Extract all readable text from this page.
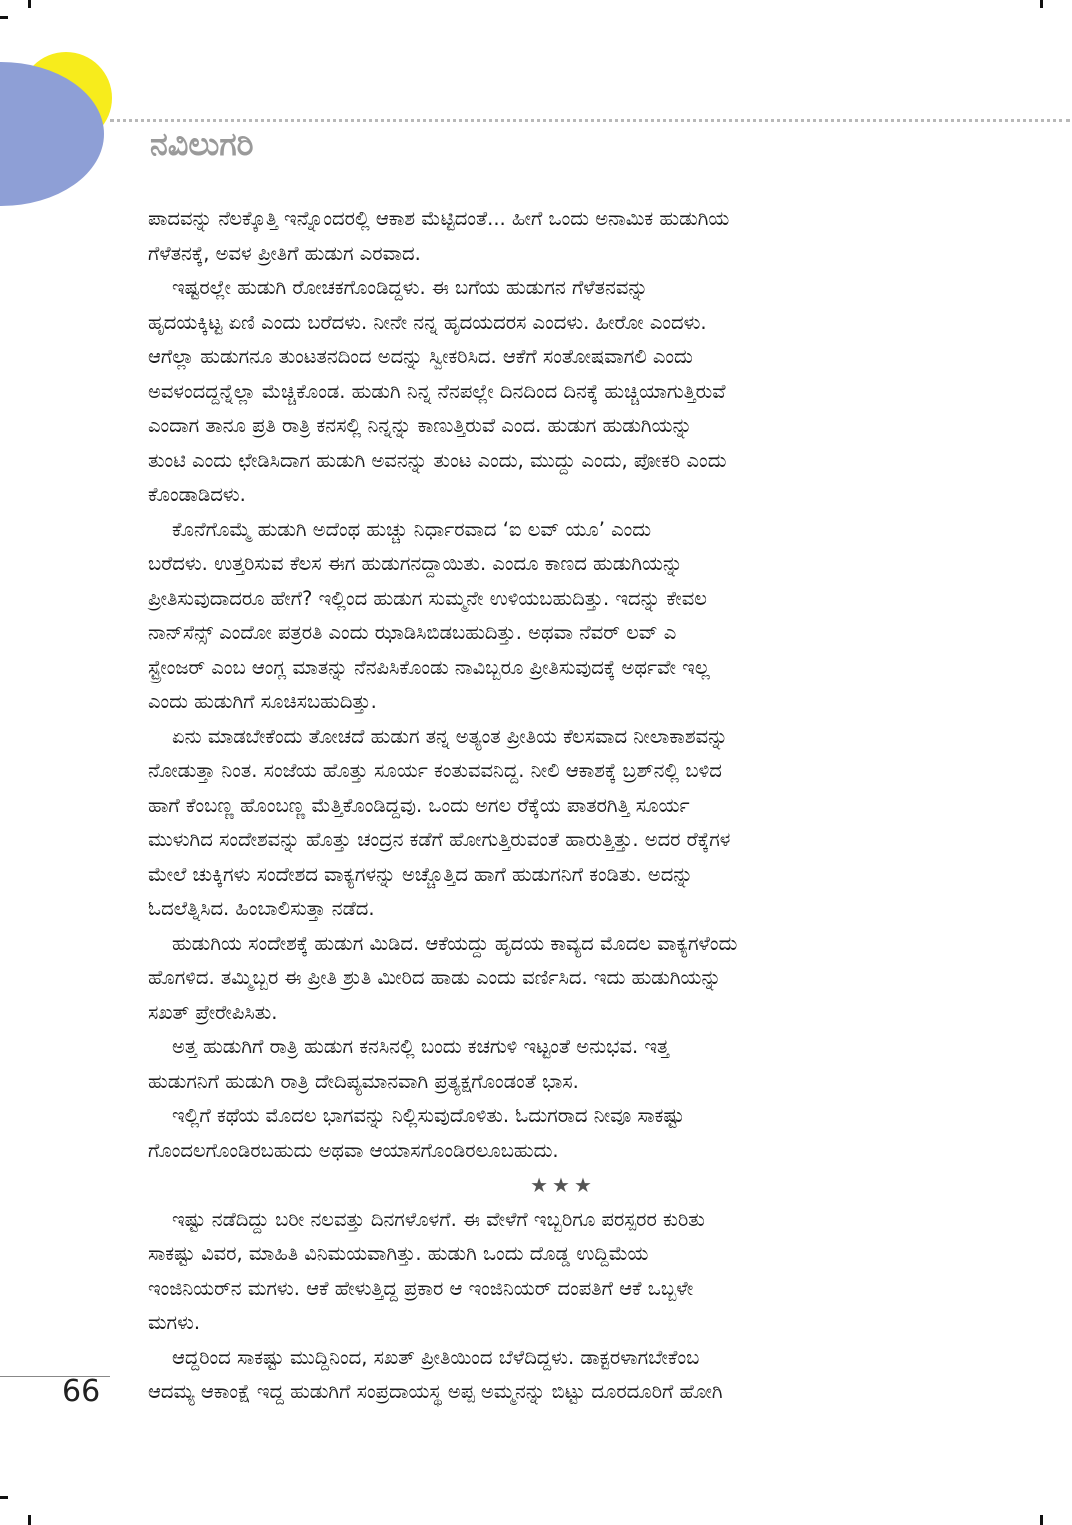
ನವಿಲುಗರಿ

ಪಾದವನ್ನು ನೆಲಕ್ಕೊತ್ತಿ ಇನ್ನೊಂದರಲ್ಲಿ ಆಕಾಶ ಮೆಟ್ಟಿದಂತೆ... ಹೀಗೆ ಒಂದು ಅನಾಮಿಕ ಹುಡುಗಿಯ
ಗೆಳೆತನಕ್ಕೆ, ಅವಳ ಪ್ರೀತಿಗೆ ಹುಡುಗ ಎರವಾದ.

ಇಷ್ಟರಲ್ಲೇ ಹುಡುಗಿ ರೋಚಕಗೊಂಡಿದ್ದಳು. ಈ ಬಗೆಯ ಹುಡುಗನ ಗೆಳೆತನವನ್ನು
ಹೃದಯಕ್ಕಿಟ್ಟ ಏಣಿ ಎಂದು ಬರೆದಳು. ನೀನೇ ನನ್ನ ಹೃದಯದರಸ ಎಂದಳು. ಹೀರೋ ಎಂದಳು.
ಆಗೆಲ್ಲಾ ಹುಡುಗನೂ ತುಂಟತನದಿಂದ ಅದನ್ನು ಸ್ವೀಕರಿಸಿದ. ಆಕೆಗೆ ಸಂತೋಷವಾಗಲಿ ಎಂದು
ಅವಳಂದದ್ದನ್ನೆಲ್ಲಾ ಮೆಚ್ಚಿಕೊಂಡ. ಹುಡುಗಿ ನಿನ್ನ ನೆನಪಲ್ಲೇ ದಿನದಿಂದ ದಿನಕ್ಕೆ ಹುಚ್ಚಿಯಾಗುತ್ತಿರುವೆ
ಎಂದಾಗ ತಾನೂ ಪ್ರತಿ ರಾತ್ರಿ ಕನಸಲ್ಲಿ ನಿನ್ನನ್ನು ಕಾಣುತ್ತಿರುವೆ ಎಂದ. ಹುಡುಗ ಹುಡುಗಿಯನ್ನು
ತುಂಟಿ ಎಂದು ಛೇಡಿಸಿದಾಗ ಹುಡುಗಿ ಅವನನ್ನು ತುಂಟ ಎಂದು, ಮುದ್ದು ಎಂದು, ಪೋಕರಿ ಎಂದು
ಕೊಂಡಾಡಿದಳು.

ಕೊನೆಗೊಮ್ಮೆ ಹುಡುಗಿ ಅದೆಂಥ ಹುಚ್ಚು ನಿರ್ಧಾರವಾದ ‘ಐ ಲವ್ ಯೂ’ ಎಂದು
ಬರೆದಳು. ಉತ್ತರಿಸುವ ಕೆಲಸ ಈಗ ಹುಡುಗನದ್ದಾಯಿತು. ಎಂದೂ ಕಾಣದ ಹುಡುಗಿಯನ್ನು
ಪ್ರೀತಿಸುವುದಾದರೂ ಹೇಗೆ? ಇಲ್ಲಿಂದ ಹುಡುಗ ಸುಮ್ಮನೇ ಉಳಿಯಬಹುದಿತ್ತು. ಇದನ್ನು ಕೇವಲ
ನಾನ್‌ಸೆನ್ಸ್ ಎಂದೋ ಪತ್ರರತಿ ಎಂದು ಝಾಡಿಸಿಬಿಡಬಹುದಿತ್ತು. ಅಥವಾ ನೆವರ್ ಲವ್ ಎ
ಸ್ಟ್ರೇಂಜರ್ ಎಂಬ ಆಂಗ್ಲ ಮಾತನ್ನು ನೆನಪಿಸಿಕೊಂಡು ನಾವಿಬ್ಬರೂ ಪ್ರೀತಿಸುವುದಕ್ಕೆ ಅರ್ಥವೇ ಇಲ್ಲ
ಎಂದು ಹುಡುಗಿಗೆ ಸೂಚಿಸಬಹುದಿತ್ತು.

ಏನು ಮಾಡಬೇಕೆಂದು ತೋಚದೆ ಹುಡುಗ ತನ್ನ ಅತ್ಯಂತ ಪ್ರೀತಿಯ ಕೆಲಸವಾದ ನೀಲಾಕಾಶವನ್ನು
ನೋಡುತ್ತಾ ನಿಂತ. ಸಂಜೆಯ ಹೊತ್ತು ಸೂರ್ಯ ಕಂತುವವನಿದ್ದ. ನೀಲಿ ಆಕಾಶಕ್ಕೆ ಬ್ರಶ್‌ನಲ್ಲಿ ಬಳಿದ
ಹಾಗೆ ಕೆಂಬಣ್ಣ ಹೊಂಬಣ್ಣ ಮೆತ್ತಿಕೊಂಡಿದ್ದವು. ಒಂದು ಅಗಲ ರೆಕ್ಕೆಯ ಪಾತರಗಿತ್ತಿ ಸೂರ್ಯ
ಮುಳುಗಿದ ಸಂದೇಶವನ್ನು ಹೊತ್ತು ಚಂದ್ರನ ಕಡೆಗೆ ಹೋಗುತ್ತಿರುವಂತೆ ಹಾರುತ್ತಿತ್ತು. ಅದರ ರೆಕ್ಕೆಗಳ
ಮೇಲೆ ಚುಕ್ಕಿಗಳು ಸಂದೇಶದ ವಾಕ್ಯಗಳನ್ನು ಅಚ್ಚೊತ್ತಿದ ಹಾಗೆ ಹುಡುಗನಿಗೆ ಕಂಡಿತು. ಅದನ್ನು
ಓದಲೆತ್ನಿಸಿದ. ಹಿಂಬಾಲಿಸುತ್ತಾ ನಡೆದ.

ಹುಡುಗಿಯ ಸಂದೇಶಕ್ಕೆ ಹುಡುಗ ಮಿಡಿದ. ಆಕೆಯದ್ದು ಹೃದಯ ಕಾವ್ಯದ ಮೊದಲ ವಾಕ್ಯಗಳೆಂದು
ಹೊಗಳಿದ. ತಮ್ಮಿಬ್ಬರ ಈ ಪ್ರೀತಿ ಶ್ರುತಿ ಮೀರಿದ ಹಾಡು ಎಂದು ವರ್ಣಿಸಿದ. ಇದು ಹುಡುಗಿಯನ್ನು
ಸಖತ್ ಪ್ರೇರೇಪಿಸಿತು.

ಅತ್ತ ಹುಡುಗಿಗೆ ರಾತ್ರಿ ಹುಡುಗ ಕನಸಿನಲ್ಲಿ ಬಂದು ಕಚಗುಳಿ ಇಟ್ಟಂತೆ ಅನುಭವ. ಇತ್ತ
ಹುಡುಗನಿಗೆ ಹುಡುಗಿ ರಾತ್ರಿ ದೇದಿಪ್ಯಮಾನವಾಗಿ ಪ್ರತ್ಯಕ್ಷಗೊಂಡಂತೆ ಭಾಸ.

ಇಲ್ಲಿಗೆ ಕಥೆಯ ಮೊದಲ ಭಾಗವನ್ನು ನಿಲ್ಲಿಸುವುದೊಳಿತು. ಓದುಗರಾದ ನೀವೂ ಸಾಕಷ್ಟು
ಗೊಂದಲಗೊಂಡಿರಬಹುದು ಅಥವಾ ಆಯಾಸಗೊಂಡಿರಲೂಬಹುದು.

★★★

ಇಷ್ಟು ನಡೆದಿದ್ದು ಬರೀ ನಲವತ್ತು ದಿನಗಳೊಳಗೆ. ಈ ವೇಳೆಗೆ ಇಬ್ಬರಿಗೂ ಪರಸ್ಪರರ ಕುರಿತು
ಸಾಕಷ್ಟು ವಿವರ, ಮಾಹಿತಿ ವಿನಿಮಯವಾಗಿತ್ತು. ಹುಡುಗಿ ಒಂದು ದೊಡ್ಡ ಉದ್ದಿಮೆಯ
ಇಂಜಿನಿಯರ್‌ನ ಮಗಳು. ಆಕೆ ಹೇಳುತ್ತಿದ್ದ ಪ್ರಕಾರ ಆ ಇಂಜಿನಿಯರ್ ದಂಪತಿಗೆ ಆಕೆ ಒಬ್ಬಳೇ
ಮಗಳು.

ಆದ್ದರಿಂದ ಸಾಕಷ್ಟು ಮುದ್ದಿನಿಂದ, ಸಖತ್ ಪ್ರೀತಿಯಿಂದ ಬೆಳೆದಿದ್ದಳು. ಡಾಕ್ಟರಳಾಗಬೇಕೆಂಬ
ಆದಮ್ಯ ಆಕಾಂಕ್ಷೆ ಇದ್ದ ಹುಡುಗಿಗೆ ಸಂಪ್ರದಾಯಸ್ಥ ಅಪ್ಪ ಅಮ್ಮನನ್ನು ಬಿಟ್ಟು ದೂರದೂರಿಗೆ ಹೋಗಿ

66
